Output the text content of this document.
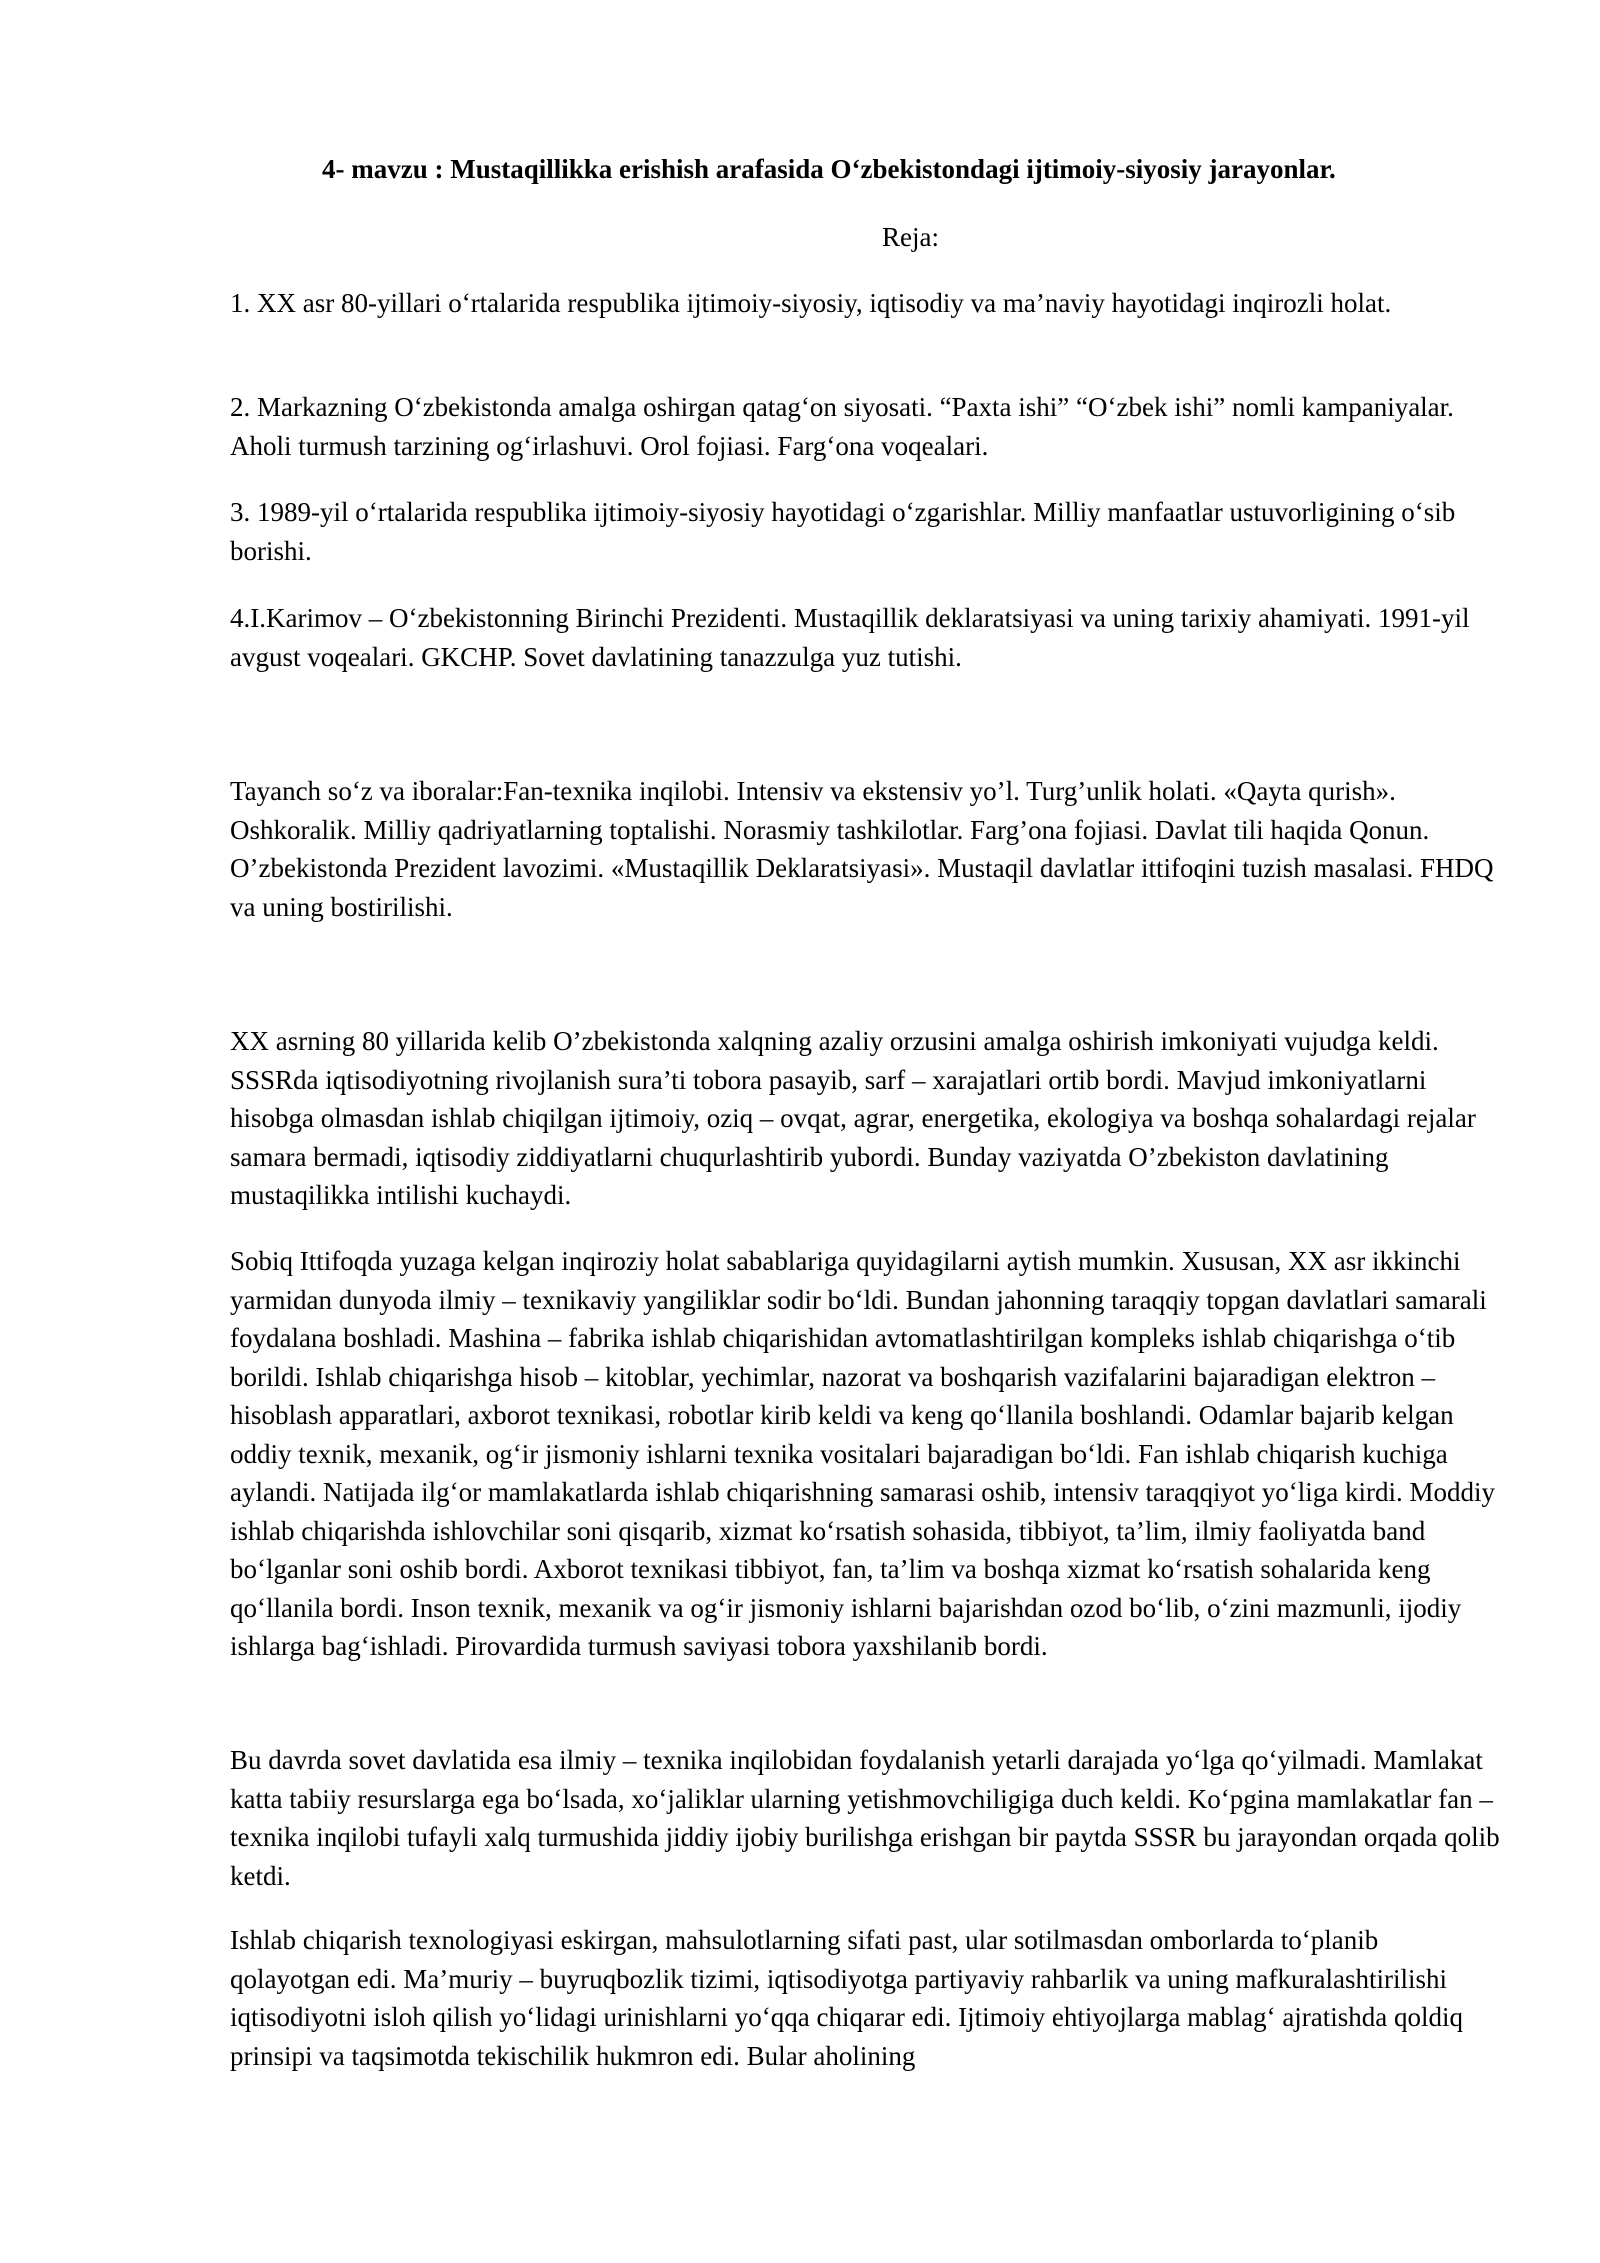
4- mavzu : Mustaqillikka erishish arafasida O‘zbekistondagi ijtimoiy-siyosiy jarayonlar.

Reja:

1. XX asr 80-yillari o‘rtalarida respublika ijtimoiy-siyosiy, iqtisodiy va ma’naviy hayotidagi inqirozli holat.

2. Markazning O‘zbekistonda amalga oshirgan qatag‘on siyosati. “Paxta ishi” “O‘zbek ishi” nomli kampaniyalar. Aholi turmush tarzining og‘irlashuvi. Orol fojiasi. Farg‘ona voqealari.

3. 1989-yil o‘rtalarida respublika ijtimoiy-siyosiy hayotidagi o‘zgarishlar. Milliy manfaatlar ustuvorligining o‘sib borishi.

4.I.Karimov – O‘zbekistonning Birinchi Prezidenti. Mustaqillik deklaratsiyasi va uning tarixiy ahamiyati. 1991-yil avgust voqealari. GKCHP. Sovet davlatining tanazzulga yuz tutishi.

Tayanch so‘z va iboralar:Fan-texnika inqilobi. Intensiv va ekstensiv yo’l. Turg’unlik holati. «Qayta qurish». Oshkoralik. Milliy qadriyatlarning toptalishi. Norasmiy tashkilotlar. Farg’ona fojiasi. Davlat tili haqida Qonun. O’zbekistonda Prezident lavozimi. «Mustaqillik Deklaratsiyasi». Mustaqil davlatlar ittifoqini tuzish masalasi. FHDQ va uning bostirilishi.

XX asrning 80 yillarida kelib O’zbekistonda xalqning azaliy orzusini amalga oshirish imkoniyati vujudga keldi. SSSRda iqtisodiyotning rivojlanish sura’ti tobora pasayib, sarf – xarajatlari ortib bordi. Mavjud imkoniyatlarni hisobga olmasdan ishlab chiqilgan ijtimoiy, oziq – ovqat, agrar, energetika, ekologiya va boshqa sohalardagi rejalar samara bermadi, iqtisodiy ziddiyatlarni chuqurlashtirib yubordi. Bunday vaziyatda O’zbekiston davlatining mustaqilikka intilishi kuchaydi.

Sobiq Ittifoqda yuzaga kelgan inqiroziy holat sabablariga quyidagilarni aytish mumkin. Xususan, XX asr ikkinchi yarmidan dunyoda ilmiy – texnikaviy yangiliklar sodir bo‘ldi. Bundan jahonning taraqqiy topgan davlatlari samarali foydalana boshladi. Mashina – fabrika ishlab chiqarishidan avtomatlashtirilgan kompleks ishlab chiqarishga o‘tib borildi. Ishlab chiqarishga hisob – kitoblar, yechimlar, nazorat va boshqarish vazifalarini bajaradigan elektron – hisoblash apparatlari, axborot texnikasi, robotlar kirib keldi va keng qo‘llanila boshlandi. Odamlar bajarib kelgan oddiy texnik, mexanik, og‘ir jismoniy ishlarni texnika vositalari bajaradigan bo‘ldi. Fan ishlab chiqarish kuchiga aylandi. Natijada ilg‘or mamlakatlarda ishlab chiqarishning samarasi oshib, intensiv taraqqiyot yo‘liga kirdi. Moddiy ishlab chiqarishda ishlovchilar soni qisqarib, xizmat ko‘rsatish sohasida, tibbiyot, ta’lim, ilmiy faoliyatda band bo‘lganlar soni oshib bordi. Axborot texnikasi tibbiyot, fan, ta’lim va boshqa xizmat ko‘rsatish sohalarida keng qo‘llanila bordi. Inson texnik, mexanik va og‘ir jismoniy ishlarni bajarishdan ozod bo‘lib, o‘zini mazmunli, ijodiy ishlarga bag‘ishladi. Pirovardida turmush saviyasi tobora yaxshilanib bordi.

Bu davrda sovet davlatida esa ilmiy – texnika inqilobidan foydalanish yetarli darajada yo‘lga qo‘yilmadi. Mamlakat katta tabiiy resurslarga ega bo‘lsada, xo‘jaliklar ularning yetishmovchiligiga duch keldi. Ko‘pgina mamlakatlar fan – texnika inqilobi tufayli xalq turmushida jiddiy ijobiy burilishga erishgan bir paytda SSSR bu jarayondan orqada qolib ketdi.

Ishlab chiqarish texnologiyasi eskirgan, mahsulotlarning sifati past, ular sotilmasdan omborlarda to‘planib qolayotgan edi. Ma’muriy – buyruqbozlik tizimi, iqtisodiyotga partiyaviy rahbarlik va uning mafkuralashtirilishi iqtisodiyotni isloh qilish yo‘lidagi urinishlarni yo‘qqa chiqarar edi. Ijtimoiy ehtiyojlarga mablag‘ ajratishda qoldiq prinsipi va taqsimotda tekischilik hukmron edi. Bular aholining
